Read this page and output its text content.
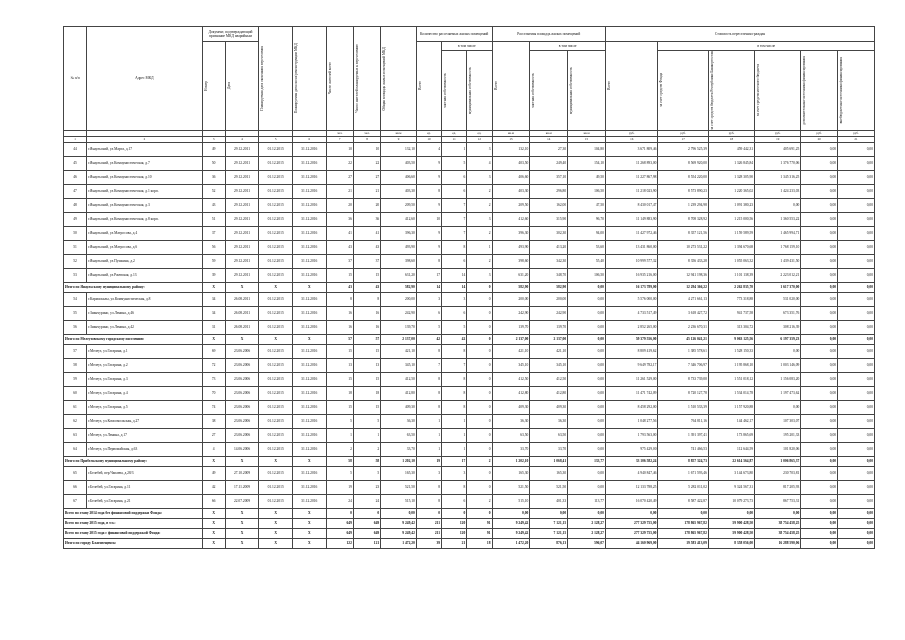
№ п/п	Адрес МКД	Документ, подтверждающий признание МКД аварийным		Планируемая дата окончания переселения	Планируемая дата сноса/реконструкции МКД	Число жителей всего	Число жителей планируемых к переселению	Общая площадь жилых помещений МКД	Количество расселяемых жилых помещений			Расселяемая площадь жилых помещений			Стоимость переселения граждан					

		Номер	Дата						Всего	в том числе		Всего	в том числе		Всего	в том числе				

										частная собственность	муниципальная собственность		частная собственность	муниципальная собственность		за счет средств Фонда	за счет средств бюджета Республики Башкортостан	за счет средств местного бюджета	дополнительные источники финансирования	внебюджетные источники финансирования

						чел.	чел.	кв.м	ед.	ед.	ед.	кв.м	кв.м	кв.м	руб.	руб.	руб.	руб.	руб.	руб.
1	2	3	4	5	6	7	8	9	10	11	12	13	14	15	16	17	18	19	20	21
44	г.Янаульский, ул.Марта, д.17	49	29.12.2011	01.12.2015	31.12.2016	10	10	132,10	4	1	3	132,10	27,30	104,80	3 671 809,46	2 796 525,39	459 442,31	405 691,25	0,00	0,00
45	г.Янаульский, ул.Коммунистическая, д.7	50	29.12.2011	01.12.2015	31.12.2016	22	22	403,50	9	5	4	403,50	249,40	154,10	11 268 893,00	8 569 920,00	1 326 845,84	1 376 770,06	0,00	0,00
46	г.Янаульский, ул.Коммунистическая, д.10	36	29.12.2011	01.12.2015	31.12.2016	27	27	406,60	9	6	3	406,60	357,10	49,50	11 227 867,98	8 554 220,00	1 328 305,90	1 345 316,25	0,00	0,00
47	г.Янаульский, ул.Коммунистическая, д.1 корп.	52	29.12.2011	01.12.2015	31.12.2016	21	21	403,30	8	6	2	403,30	296,80	106,50	11 218 023,90	8 573 890,23	1 220 365,02	1 424 233,03	0,00	0,00
48	г.Янаульский, ул.Коммунистическая, д.3	43	29.12.2011	01.12.2015	31.12.2016	20	20	209,50	9	7	2	209,50	162,00	47,50	8 430 017,47	1 239 294,98	1 091 380,23	0,00	0,00	0,00
49	г.Янаульский, ул.Коммунистическая, д.8 корп.	51	29.12.2011	01.12.2015	31.12.2016	36	36	412,60	10	7	3	412,60	315,90	96,70	11 149 883,90	8 708 328,92	1 215 000,56	1 360 553,22	0,00	0,00
50	г.Янаульский, ул.Матросова, д.4	37	29.12.2011	01.12.2015	31.12.2016	41	41	396,30	9	7	2	396,30	302,30	94,00	11 427 972,46	8 357 121,56	1 159 589,59	1 465 994,71	0,00	0,00
51	г.Янаульский, ул.Матросова, д.6	56	29.12.2011	01.12.2015	31.12.2016	43	43	493,90	9	8	1	493,90	413,20	53,60	13 431 860,00	10 273 531,22	1 394 670,68	1 768 159,10	0,00	0,00
52	г.Янаульский, ул.Пушкина, д.2	59	29.12.2011	01.12.2015	31.12.2016	37	37	398,60	8	6	2	398,60	342,30	55,40	10 999 577,32	8 356 433,28	1 055 063,32	1 439 431,50	0,00	0,00
53	г.Янаульский, ул.Ржевская, д.13	39	29.12.2011	01.12.2015	31.12.2016	15	15	631,20	17	14	3	631,20	348,70	106,50	16 935 216,00	12 941 198,36	1 101 138,39	2 223 012,21	0,00	0,00
Итого по Янаульскому муниципальному району:		X	X	X	X	43	43	582,90	14	14	0	582,90	582,90	0,00	16 173 789,00	12 294 366,22	2 262 835,70	1 617 370,00	0,00	0,00
54	г.Кармаскалы, ул.Коммунистическая, д.8	34	26.08.2011	01.12.2015	31.12.2016	8	8	200,00	3	3	0	200,00	200,00	0,00	5 576 000,00	4 271 661,13	773 318,88	531 020,00	0,00	0,00
55	г.Зианчурино, ул.Ленина, д.46	34	26.08.2011	01.12.2015	31.12.2016	16	16	242,90	6	6	0	242,90	242,90	0,00	4 733 517,49	3 618 427,72	941 737,58	673 351,76	0,00	0,00
56	г.Зианчурино, ул.Ленина, д.42	31	26.08.2011	01.12.2015	31.12.2016	16	16	139,70	5	5	0	139,70	139,70	0,00	2 852 265,00	2 236 670,31	313 304,72	308 216,39	0,00	0,00
Итого по Мелеузовскому городскому поселению:		X	X	X	X	57	57	2 137,00	42	42	0	2 137,00	2 137,00	0,00	59 379 556,00	45 126 041,21	9 063 125,56	6 197 359,23	0,00	0,00
57	г.Мелеуз, ул.Гагарина, д.1	69	23.06.2006	01.12.2015	31.12.2016	15	15	421,10	8	8	0	421,10	421,10	0,00	8 809 419,62	1 385 578,61	1 528 150,33	0,00	0,00	0,00
58	г.Мелеуз, ул.Гагарина, д.2	72	23.06.2006	01.12.2015	31.12.2016	13	13	345,10	7	7	0	345,10	345,10	0,00	9 649 782,17	7 346 706,97	1 195 868,10	1 003 146,09	0,00	0,00
59	г.Мелеуз, ул.Гагарина, д.3	73	23.06.2006	01.12.2015	31.12.2016	15	15	412,50	8	8	0	412,50	412,50	0,00	11 261 529,00	8 733 739,00	1 551 018,12	1 156 083,20	0,00	0,00
60	г.Мелеуз, ул.Гагарина, д.4	70	23.06.2006	01.12.2015	31.12.2016	18	18	412,80	8	8	0	412,80	412,80	0,00	11 471 742,09	8 720 127,78	1 534 014,78	1 197 473,62	0,00	0,00
61	г.Мелеуз, ул.Гагарина, д.5	74	23.06.2006	01.12.2015	31.12.2016	15	15	409,30	8	8	0	409,30	409,30	0,00	8 458 292,00	1 510 533,39	1 157 920,88	0,00	0,00	0,00
62	г.Мелеуз, ул.Комсомольская, д.27	38	23.06.2006	01.12.2015	31.12.2016	5	5	36,30	1	1	0	36,30	36,30	0,00	1 048 277,56	764 811,16	144 462,17	107 303,07	0,00	0,00
63	г.Мелеуз, ул.Ленина, д.17	27	23.06.2006	01.12.2015	31.12.2016	1	1	63,50	1	1	0	63,50	63,50	0,00	1 793 563,00	1 391 397,41	173 865,69	195 201,33	0,00	0,00
64	г.Мелеуз, ул.Первомайская, д.63	4	14.06.2006	01.12.2015	31.12.2016	2	2	33,70	1	1	0	33,70	33,70	0,00	975 429,00	741 466,53	112 644,59	101 820,06	0,00	0,00
Итого по Прибельскому муниципальному району:		X	X	X	X	58	58	1 202,10	19	17	2	1 202,10	1 068,41	133,77	33 106 582,24	8 857 324,73	22 614 564,87	1 006 865,37	0,00	0,00
65	г.Белебей, пер.Чапаева, д.28/3	49	27.10.2009	01.12.2015	31.12.2016	5	5	165,30	3	3	0	165,30	165,30	0,00	4 940 847,46	1 671 593,46	3 144 673,80	230 703,81	0,00	0,00
66	г.Белебей, ул.Гагарина, д.11	42	17.11.2009	01.12.2015	31.12.2016	19	23	521,50	8	8	0	521,50	521,50	0,00	12 133 788,25	5 282 011,02	9 324 567,31	817 205,93	0,00	0,00
67	г.Белебей, ул.Гагарина, д.21	66	22.07.2009	01.12.2015	31.12.2016	24	24	515,10	8	6	2	515,10	401,33	113,77	16 070 420,49	8 587 422,87	10 079 273,73	867 753,31	0,00	0,00
Всего по этапу 2014 года без финансовой поддержки Фонда:		X	X	X	X	0	0	0,00	0	0	0	0,00	0,00	0,00	0,00	0,00	0,00	0,00	0,00	0,00
Всего по этапу 2015 года, в т.ч.:		X	X	X	X	649	649	9 249,42	211	120	91	9 249,42	7 121,15	2 128,27	277 329 755,00	178 865 967,82	59 900 428,50	38 754 458,25	0,00	0,00
Всего по этапу 2015 года с финансовой поддержкой Фонда:		X	X	X	X	649	649	9 249,42	211	120	91	9 249,42	7 121,15	2 128,27	277 329 755,00	178 865 967,82	59 900 428,50	38 754 458,25	0,00	0,00
Итого по городу Благовещенск:		X	X	X	X	122	121	1 472,20	39	21	18	1 472,20	876,13	596,07	44 160 969,00	19 583 413,09	8 358 056,00	16 288 590,06	0,00	0,00
